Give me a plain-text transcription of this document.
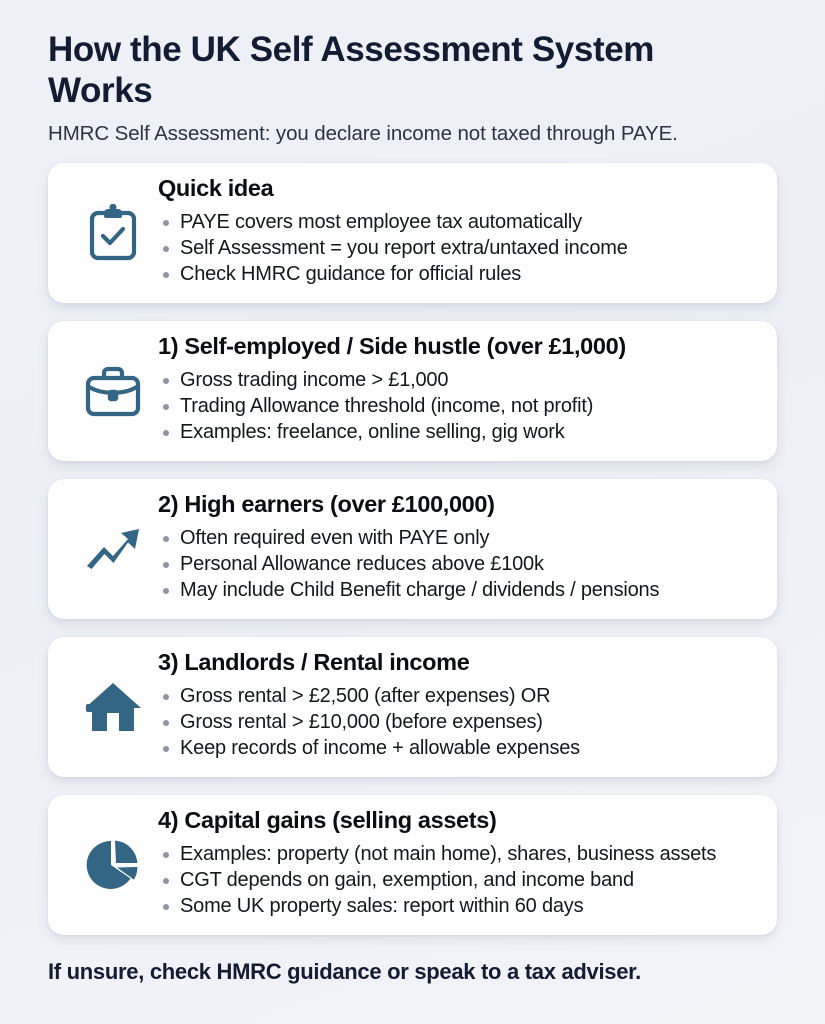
How the UK Self Assessment System Works

HMRC Self Assessment: you declare income not taxed through PAYE.

Quick idea
PAYE covers most employee tax automatically
Self Assessment = you report extra/untaxed income
Check HMRC guidance for official rules
1) Self-employed / Side hustle (over £1,000)
Gross trading income > £1,000
Trading Allowance threshold (income, not profit)
Examples: freelance, online selling, gig work
2) High earners (over £100,000)
Often required even with PAYE only
Personal Allowance reduces above £100k
May include Child Benefit charge / dividends / pensions
3) Landlords / Rental income
Gross rental > £2,500 (after expenses) OR
Gross rental > £10,000 (before expenses)
Keep records of income + allowable expenses
4) Capital gains (selling assets)
Examples: property (not main home), shares, business assets
CGT depends on gain, exemption, and income band
Some UK property sales: report within 60 days
If unsure, check HMRC guidance or speak to a tax adviser.
